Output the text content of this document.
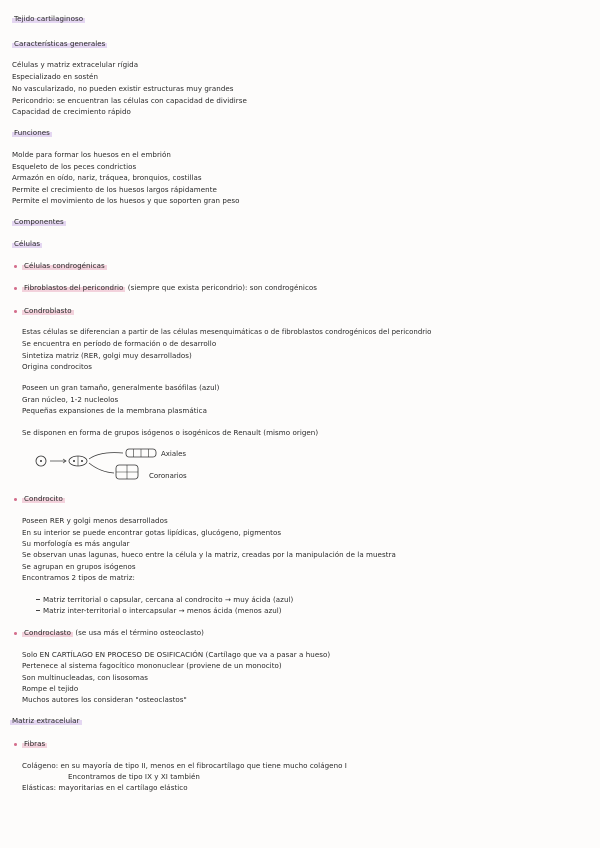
Tejido cartilaginoso
Características generales
Células y matriz extracelular rígida
Especializado en sostén
No vascularizado, no pueden existir estructuras muy grandes
Pericondrio: se encuentran las células con capacidad de dividirse
Capacidad de crecimiento rápido
Funciones
Molde para formar los huesos en el embrión
Esqueleto de los peces condrictios
Armazón en oído, nariz, tráquea, bronquios, costillas
Permite el crecimiento de los huesos largos rápidamente
Permite el movimiento de los huesos y que soporten gran peso
Componentes
Células
Células condrogénicas
Fibroblastos del pericondrio (siempre que exista pericondrio): son condrogénicos
Condroblasto
Estas células se diferencian a partir de las células mesenquimáticas o de fibroblastos condrogénicos del pericondrio
Se encuentra en período de formación o de desarrollo
Sintetiza matriz (RER, golgi muy desarrollados)
Origina condrocitos
Poseen un gran tamaño, generalmente basófilas (azul)
Gran núcleo, 1-2 nucleolos
Pequeñas expansiones de la membrana plasmática
Se disponen en forma de grupos isógenos o isogénicos de Renault (mismo origen)
Axiales
Coronarios
Condrocito
Poseen RER y golgi menos desarrollados
En su interior se puede encontrar gotas lipídicas, glucógeno, pigmentos
Su morfología es más angular
Se observan unas lagunas, hueco entre la célula y la matriz, creadas por la manipulación de la muestra
Se agrupan en grupos isógenos
Encontramos 2 tipos de matriz:
Matriz territorial o capsular, cercana al condrocito → muy ácida (azul)
Matriz inter-territorial o intercapsular → menos ácida (menos azul)
Condroclasto (se usa más el término osteoclasto)
Solo EN CARTÍLAGO EN PROCESO DE OSIFICACIÓN (Cartílago que va a pasar a hueso)
Pertenece al sistema fagocítico mononuclear (proviene de un monocito)
Son multinucleadas, con lisosomas
Rompe el tejido
Muchos autores los consideran "osteoclastos"
Matriz extracelular
Fibras
Colágeno: en su mayoría de tipo II, menos en el fibrocartílago que tiene mucho colágeno I
Encontramos de tipo IX y XI también
Elásticas: mayoritarias en el cartílago elástico
